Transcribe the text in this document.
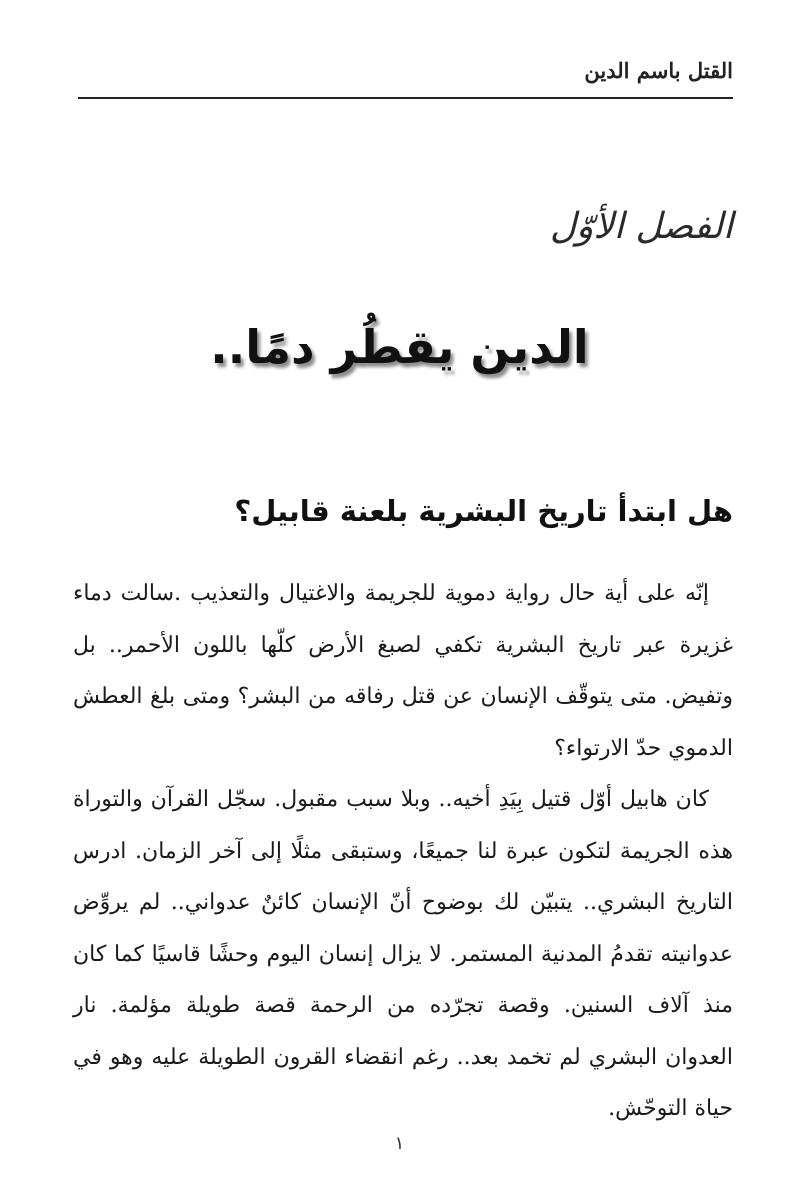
القتل باسم الدين
الفصل الأوّل
الدين يقطُر دمًا..
هل ابتدأ تاريخ البشرية بلعنة قابيل؟

إنّه على أية حال رواية دموية للجريمة والاغتيال والتعذيب .سالت دماء غزيرة عبر تاريخ البشرية تكفي لصبغ الأرض كلّها باللون الأحمر.. بل وتفيض. متى يتوقّف الإنسان عن قتل رفاقه من البشر؟ ومتى بلغ العطش الدموي حدّ الارتواء؟

كان هابيل أوّل قتيل بِيَدِ أخيه.. وبلا سبب مقبول. سجّل القرآن والتوراة هذه الجريمة لتكون عبرة لنا جميعًا، وستبقى مثلًا إلى آخر الزمان. ادرس التاريخ البشري.. يتبيّن لك بوضوح أنّ الإنسان كائنٌ عدواني.. لم يروِّض عدوانيته تقدمُ المدنية المستمر. لا يزال إنسان اليوم وحشًا قاسيًا كما كان منذ آلاف السنين. وقصة تجرّده من الرحمة قصة طويلة مؤلمة. نار العدوان البشري لم تخمد بعد.. رغم انقضاء القرون الطويلة عليه وهو في حياة التوحّش.

١
